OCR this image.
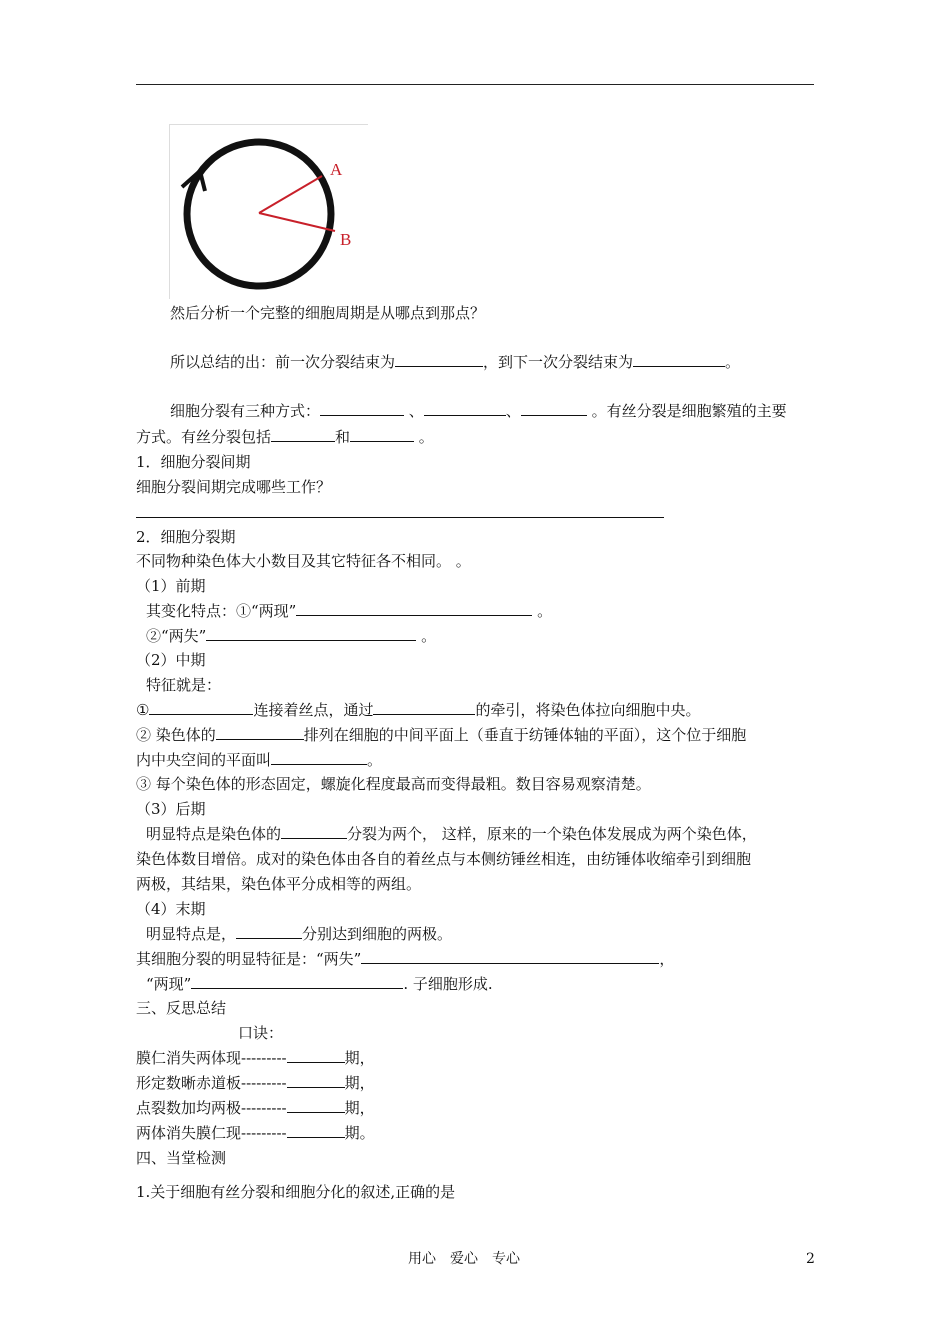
A
B
然后分析一个完整的细胞周期是从哪点到那点？
所以总结的出：前一次分裂结束为	，到下一次分裂结束为	。
细胞分裂有三种方式：	、	、	。有丝分裂是细胞繁殖的主要
方式。有丝分裂包括	和	。
1．细胞分裂间期
细胞分裂间期完成哪些工作？
2．细胞分裂期
不同物种染色体大小数目及其它特征各不相同。 。
（1）前期
其变化特点：①“两现”	。
②“两失”	。
（2）中期
特征就是：
①	连接着丝点，通过	的牵引，将染色体拉向细胞中央。
② 染色体的	排列在细胞的中间平面上（垂直于纺锤体轴的平面），这个位于细胞
内中央空间的平面叫	。
③ 每个染色体的形态固定，螺旋化程度最高而变得最粗。数目容易观察清楚。
（3）后期
明显特点是染色体的	分裂为两个， 这样，原来的一个染色体发展成为两个染色体，
染色体数目增倍。成对的染色体由各自的着丝点与本侧纺锤丝相连，由纺锤体收缩牵引到细胞
两极，其结果，染色体平分成相等的两组。
（4）末期
明显特点是，	分别达到细胞的两极。
其细胞分裂的明显特征是：“两失”	，
“两现”	. 子细胞形成.
三、反思总结
口诀：
膜仁消失两体现---------	期，
形定数晰赤道板---------	期，
点裂数加均两极---------	期，
两体消失膜仁现---------	期。
四、当堂检测
1.关于细胞有丝分裂和细胞分化的叙述,正确的是
用心　爱心　专心	2
